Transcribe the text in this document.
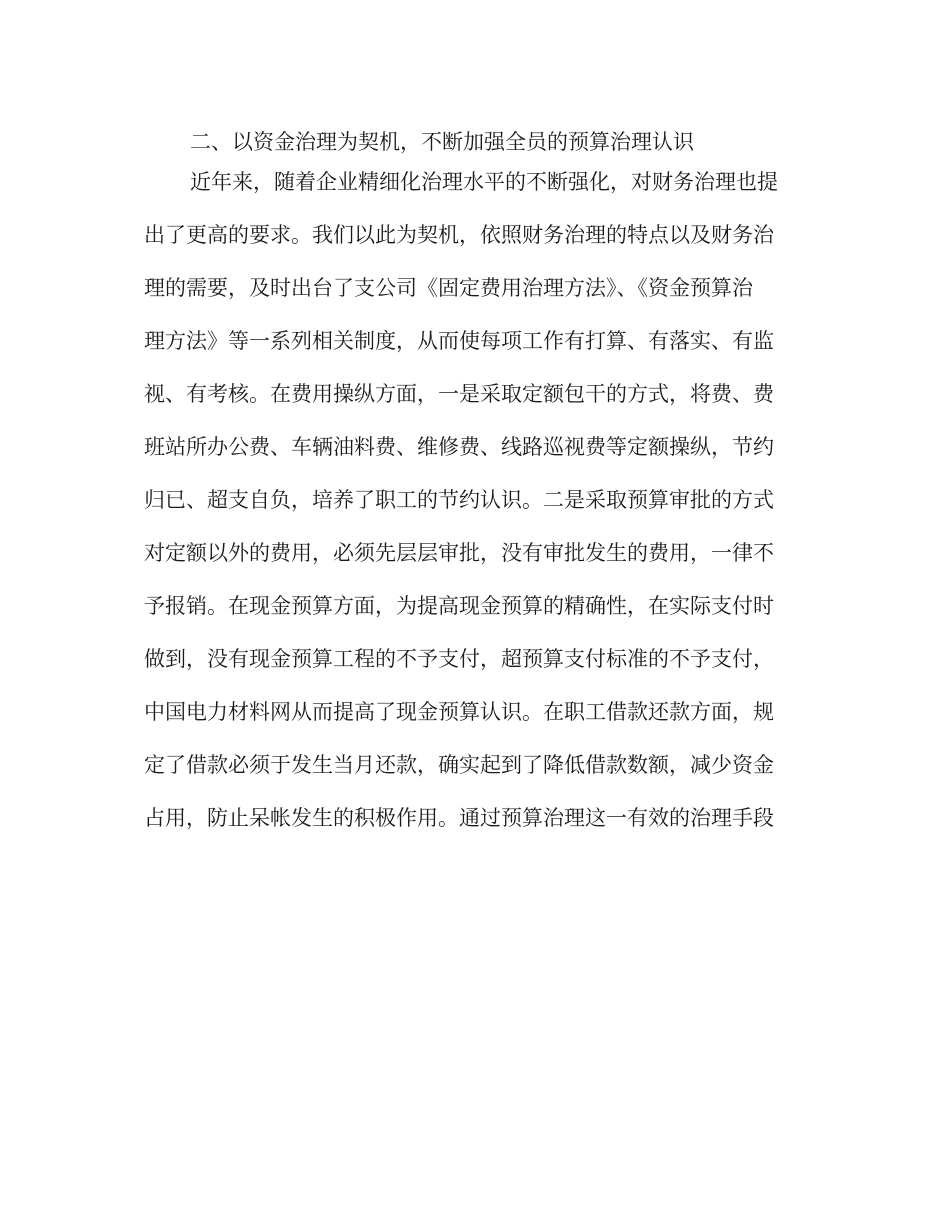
二、以资金治理为契机，不断加强全员的预算治理认识
近年来，随着企业精细化治理水平的不断强化，对财务治理也提
出了更高的要求。我们以此为契机，依照财务治理的特点以及财务治
理的需要，及时出台了支公司《固定费用治理方法》、《资金预算治
理方法》等一系列相关制度，从而使每项工作有打算、有落实、有监
视、有考核。在费用操纵方面，一是采取定额包干的方式，将费、费
班站所办公费、车辆油料费、维修费、线路巡视费等定额操纵，节约
归已、超支自负，培养了职工的节约认识。二是采取预算审批的方式
对定额以外的费用，必须先层层审批，没有审批发生的费用，一律不
予报销。在现金预算方面，为提高现金预算的精确性，在实际支付时
做到，没有现金预算工程的不予支付，超预算支付标准的不予支付，
中国电力材料网从而提高了现金预算认识。在职工借款还款方面，规
定了借款必须于发生当月还款，确实起到了降低借款数额，减少资金
占用，防止呆帐发生的积极作用。通过预算治理这一有效的治理手段
